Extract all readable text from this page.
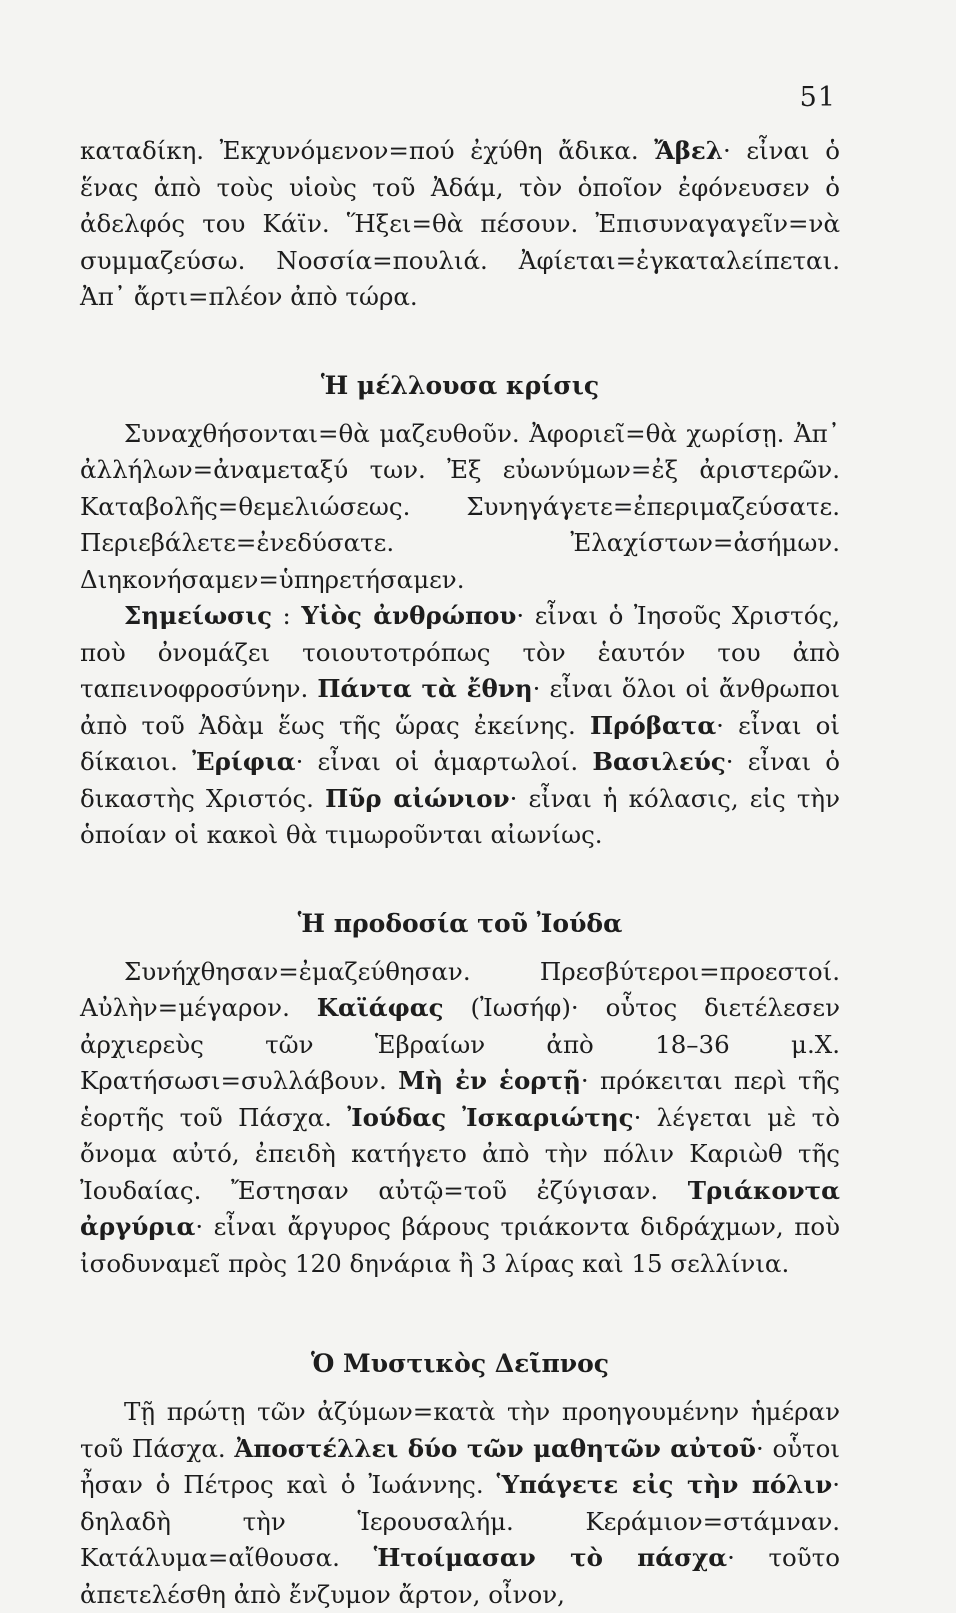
51

καταδίκη. Ἐκχυνόμενον=πού ἐχύθη ἄδικα. Ἄβελ· εἶναι ὁ ἕνας ἀπὸ τοὺς υἱοὺς τοῦ Ἀδάμ, τὸν ὁποῖον ἐφόνευσεν ὁ ἀδελφός του Κάϊν. Ἥξει=θὰ πέσουν. Ἐπισυναγαγεῖν=νὰ συμμαζεύσω. Νοσσία=πουλιά. Ἀφίεται=ἐγκαταλείπεται. Ἀπ᾿ ἄρτι=πλέον ἀπὸ τώρα.

Ἡ μέλλουσα κρίσις

Συναχθήσονται=θὰ μαζευθοῦν. Ἀφοριεῖ=θὰ χωρίσῃ. Ἀπ᾿ ἀλλήλων=ἀναμεταξύ των. Ἐξ εὐωνύμων=ἐξ ἀριστερῶν. Καταβολῆς=θεμελιώσεως. Συνηγάγετε=ἐπεριμαζεύσατε. Περιεβάλετε=ἐνεδύσατε. Ἐλαχίστων=ἀσήμων. Διηκονήσαμεν=ὑπηρετήσαμεν.

Σημείωσις : Υἱὸς ἀνθρώπου· εἶναι ὁ Ἰησοῦς Χριστός, ποὺ ὀνομάζει τοιουτοτρόπως τὸν ἑαυτόν του ἀπὸ ταπεινοφροσύνην. Πάντα τὰ ἔθνη· εἶναι ὅλοι οἱ ἄνθρωποι ἀπὸ τοῦ Ἀδὰμ ἕως τῆς ὥρας ἐκείνης. Πρόβατα· εἶναι οἱ δίκαιοι. Ἐρίφια· εἶναι οἱ ἁμαρτωλοί. Βασιλεύς· εἶναι ὁ δικαστὴς Χριστός. Πῦρ αἰώνιον· εἶναι ἡ κόλασις, εἰς τὴν ὁποίαν οἱ κακοὶ θὰ τιμωροῦνται αἰωνίως.

Ἡ προδοσία τοῦ Ἰούδα

Συνήχθησαν=ἐμαζεύθησαν. Πρεσβύτεροι=προεστοί. Αὐλὴν=μέγαρον. Καϊάφας (Ἰωσήφ)· οὗτος διετέλεσεν ἀρχιερεὺς τῶν Ἑβραίων ἀπὸ 18–36 μ.Χ. Κρατήσωσι=συλλάβουν. Μὴ ἐν ἑορτῇ· πρόκειται περὶ τῆς ἑορτῆς τοῦ Πάσχα. Ἰούδας Ἰσκαριώτης· λέγεται μὲ τὸ ὄνομα αὐτό, ἐπειδὴ κατήγετο ἀπὸ τὴν πόλιν Καριὼθ τῆς Ἰουδαίας. Ἔστησαν αὐτῷ=τοῦ ἐζύγισαν. Τριάκοντα ἀργύρια· εἶναι ἄργυρος βάρους τριάκοντα διδράχμων, ποὺ ἰσοδυναμεῖ πρὸς 120 δηνάρια ἢ 3 λίρας καὶ 15 σελλίνια.

Ὁ Μυστικὸς Δεῖπνος

Τῇ πρώτῃ τῶν ἀζύμων=κατὰ τὴν προηγουμένην ἡμέραν τοῦ Πάσχα. Ἀποστέλλει δύο τῶν μαθητῶν αὐτοῦ· οὗτοι ἦσαν ὁ Πέτρος καὶ ὁ Ἰωάννης. Ὑπάγετε εἰς τὴν πόλιν· δηλαδὴ τὴν Ἱερουσαλήμ. Κεράμιον=στάμναν. Κατάλυμα=αἴθουσα. Ἡτοίμασαν τὸ πάσχα· τοῦτο ἀπετελέσθη ἀπὸ ἔνζυμον ἄρτον, οἶνον,
